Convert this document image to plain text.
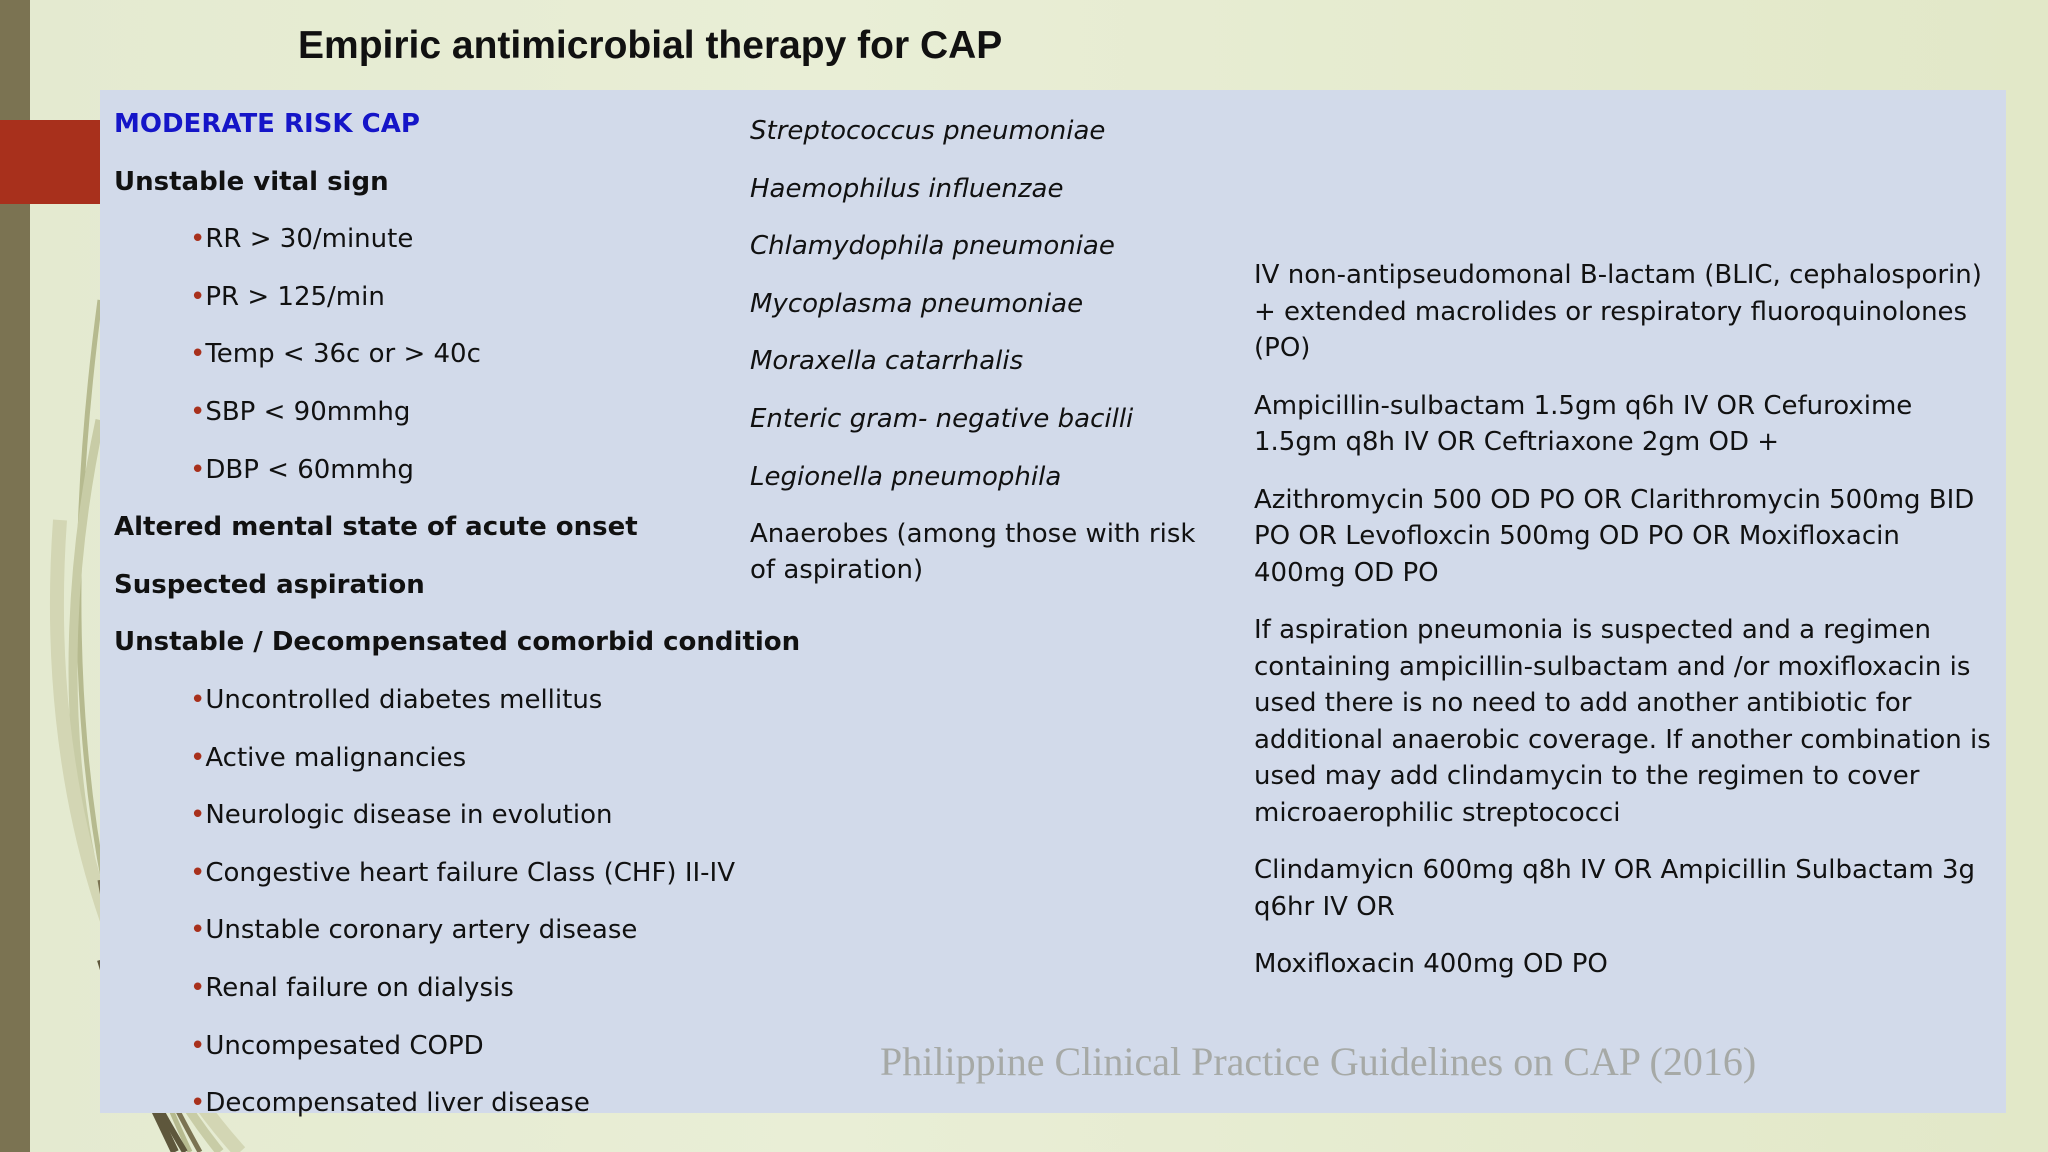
Empiric antimicrobial therapy for CAP
MODERATE RISK CAP
Unstable vital sign
•RR > 30/minute
•PR > 125/min
•Temp < 36c or > 40c
•SBP < 90mmhg
•DBP < 60mmhg
Altered mental state of acute onset
Suspected aspiration
Unstable / Decompensated comorbid condition
•Uncontrolled diabetes mellitus
•Active malignancies
•Neurologic disease in evolution
•Congestive heart failure Class (CHF) II-IV
•Unstable coronary artery disease
•Renal failure on dialysis
•Uncompesated COPD
•Decompensated liver disease
Streptococcus pneumoniae
Haemophilus influenzae
Chlamydophila pneumoniae
Mycoplasma pneumoniae
Moraxella catarrhalis
Enteric gram- negative bacilli
Legionella pneumophila
Anaerobes (among those with risk of aspiration)
IV non-antipseudomonal B-lactam (BLIC, cephalosporin) + extended macrolides or respiratory fluoroquinolones (PO)
Ampicillin-sulbactam 1.5gm q6h IV OR Cefuroxime 1.5gm q8h IV OR Ceftriaxone 2gm OD +
Azithromycin 500 OD PO OR Clarithromycin 500mg BID PO OR Levofloxcin 500mg OD PO OR Moxifloxacin 400mg OD PO
If aspiration pneumonia is suspected and a regimen containing ampicillin-sulbactam and /or moxifloxacin is used there is no need to add another antibiotic for additional anaerobic coverage. If another combination is used may add clindamycin to the regimen to cover microaerophilic streptococci
Clindamyicn 600mg q8h IV OR Ampicillin Sulbactam 3g q6hr IV OR
Moxifloxacin 400mg OD PO
Philippine Clinical Practice Guidelines on CAP (2016)
